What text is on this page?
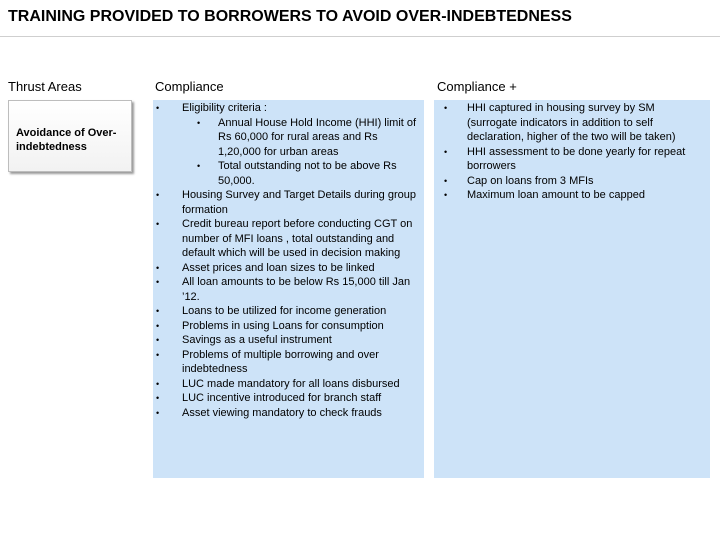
TRAINING PROVIDED TO BORROWERS TO AVOID OVER-INDEBTEDNESS
Thrust Areas	Compliance	Compliance +
Avoidance of Over-indebtedness
• Eligibility criteria :
• Annual House Hold Income (HHI) limit of Rs 60,000 for rural areas and Rs 1,20,000 for urban areas
• Total outstanding not to be above Rs 50,000.
• Housing Survey and Target Details during group formation
• Credit bureau report before conducting CGT on number of MFI loans , total outstanding and default which will be used in decision making
• Asset prices and loan sizes to be linked
• All loan amounts to be below Rs 15,000 till Jan ’12.
• Loans to be utilized for income generation
• Problems in using Loans for consumption
• Savings as a useful instrument
• Problems of multiple borrowing and over indebtedness
• LUC made mandatory for all loans disbursed
• LUC incentive introduced for branch staff
• Asset viewing mandatory to check frauds
• HHI captured in housing survey by SM (surrogate indicators in addition to self declaration, higher of the two will be taken)
• HHI assessment to be done yearly for repeat borrowers
• Cap on loans from 3 MFIs
• Maximum loan amount to be capped
